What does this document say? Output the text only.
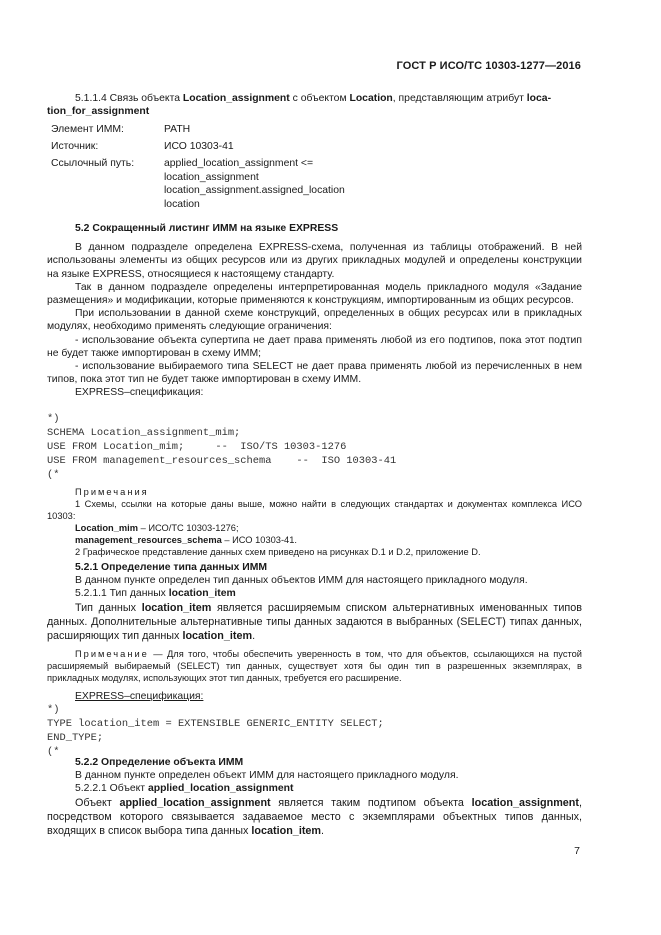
ГОСТ Р ИСО/ТС 10303-1277—2016

5.1.1.4 Связь объекта Location_assignment с объектом Location, представляющим атрибут loca-
tion_for_assignment

Элемент ИММ:	PATH
Источник:	ИСО 10303-41
Ссылочный путь:	applied_location_assignment <=
location_assignment
location_assignment.assigned_location
location

5.2 Сокращенный листинг ИММ на языке EXPRESS

В данном подразделе определена EXPRESS-схема, полученная из таблицы отображений. В ней использованы элементы из общих ресурсов или из других прикладных модулей и определены конструкции на языке EXPRESS, относящиеся к настоящему стандарту.

Так в данном подразделе определены интерпретированная модель прикладного модуля «Задание размещения» и модификации, которые применяются к конструкциям, импортированным из общих ресурсов.

При использовании в данной схеме конструкций, определенных в общих ресурсах или в прикладных модулях, необходимо применять следующие ограничения:

- использование объекта супертипа не дает права применять любой из его подтипов, пока этот подтип не будет также импортирован в схему ИММ;

- использование выбираемого типа SELECT не дает права применять любой из перечисленных в нем типов, пока этот тип не будет также импортирован в схему ИММ.

EXPRESS–спецификация:

*)
SCHEMA Location_assignment_mim;
USE FROM Location_mim;     --  ISO/TS 10303-1276
USE FROM management_resources_schema    --  ISO 10303-41
(*

Примечания

1 Схемы, ссылки на которые даны выше, можно найти в следующих стандартах и документах комплекса ИСО 10303:

Location_mim – ИСО/ТС 10303-1276;

management_resources_schema – ИСО 10303-41.

2 Графическое представление данных схем приведено на рисунках D.1 и D.2, приложение D.

5.2.1 Определение типа данных ИММ

В данном пункте определен тип данных объектов ИММ для настоящего прикладного модуля.

5.2.1.1 Тип данных location_item

Тип данных location_item является расширяемым списком альтернативных именованных типов данных. Дополнительные альтернативные типы данных задаются в выбранных (SELECT) типах данных, расширяющих тип данных location_item.

Примечание — Для того, чтобы обеспечить уверенность в том, что для объектов, ссылающихся на пустой расширяемый выбираемый (SELECT) тип данных, существует хотя бы один тип в разрешенных экземплярах, в прикладных модулях, использующих этот тип данных, требуется его расширение.

EXPRESS–спецификация:

*)
TYPE location_item = EXTENSIBLE GENERIC_ENTITY SELECT;
END_TYPE;
(*

5.2.2 Определение объекта ИММ

В данном пункте определен объект ИММ для настоящего прикладного модуля.

5.2.2.1 Объект applied_location_assignment

Объект applied_location_assignment является таким подтипом объекта location_assignment, посредством которого связывается задаваемое место с экземплярами объектных типов данных, входящих в список выбора типа данных location_item.

7
